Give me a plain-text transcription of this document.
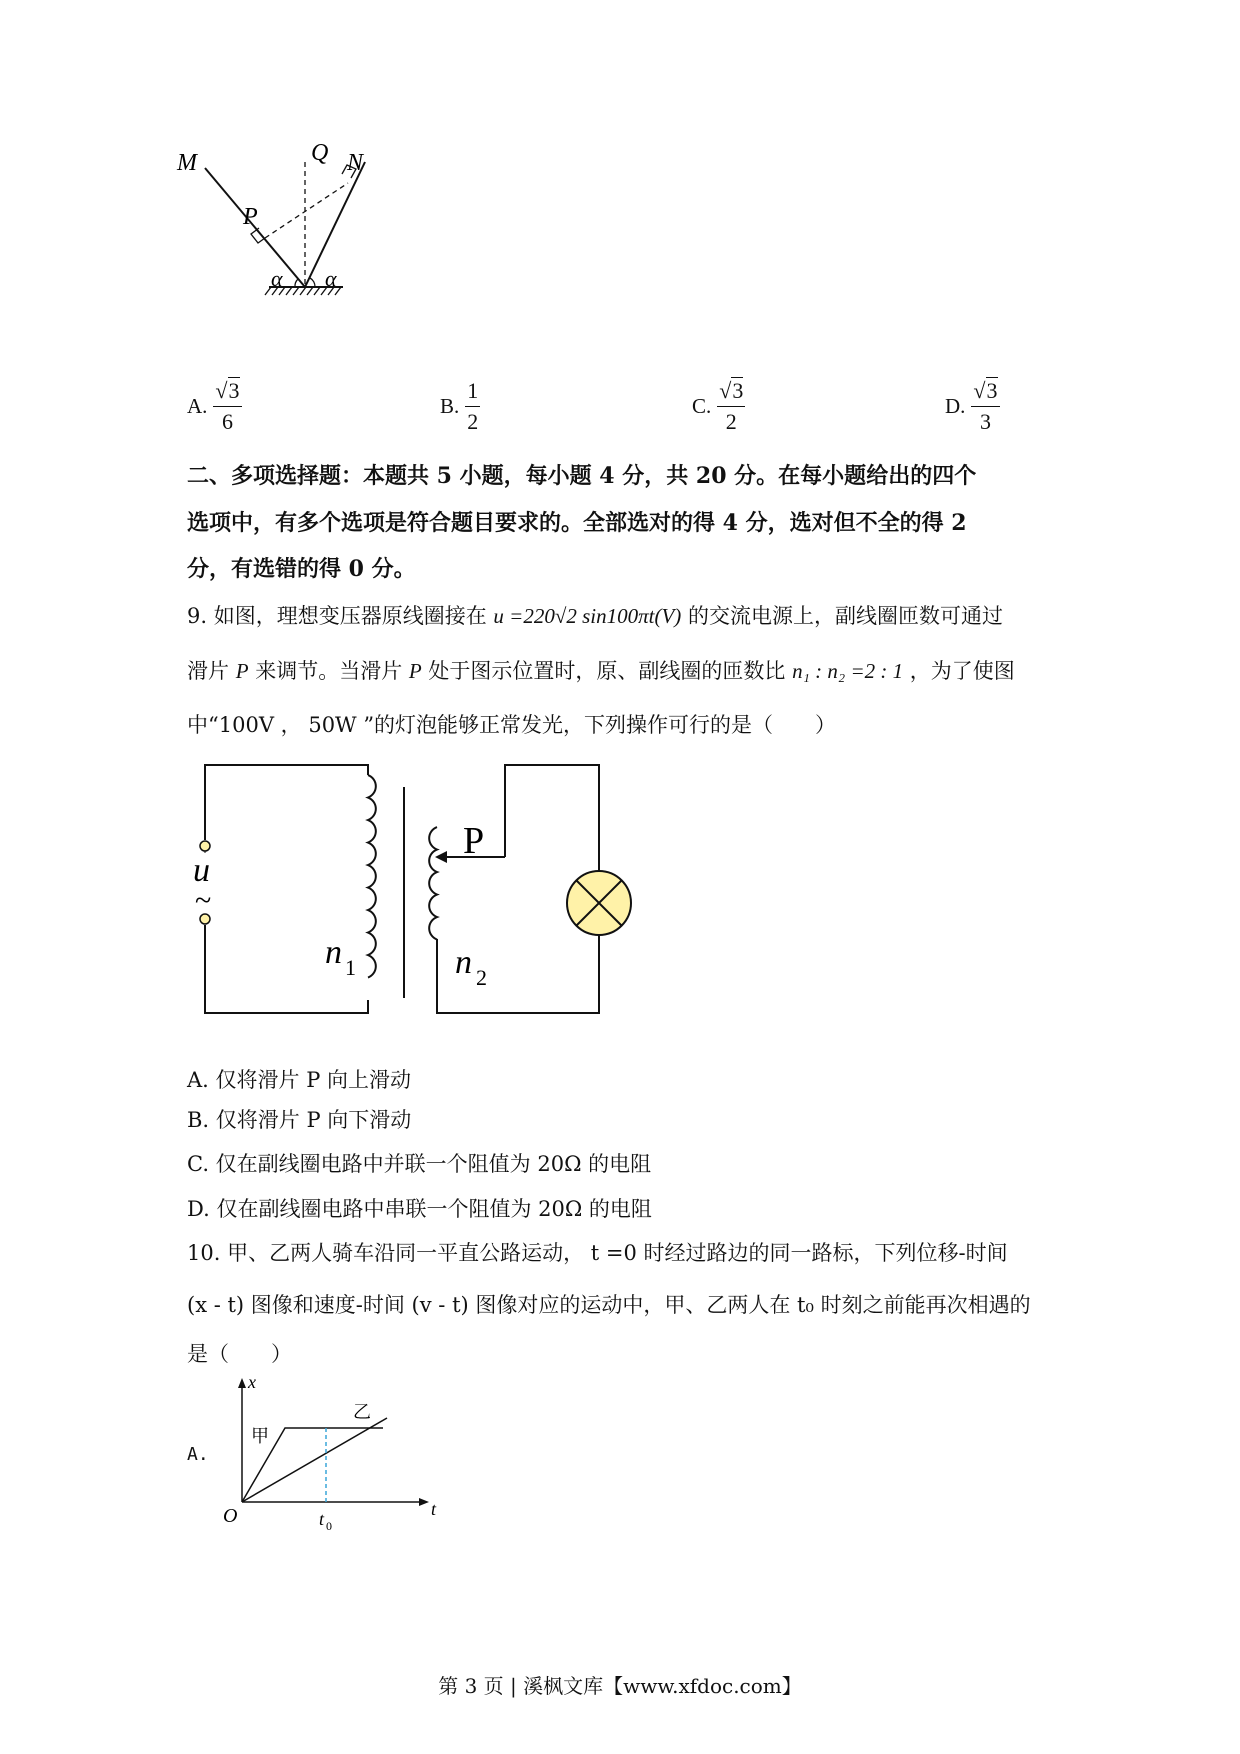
M	N
Q
P
α α
A. $\frac{√3}{6}$	B. $\frac{1}{2}$	C. $\frac{√3}{2}$	D. $\frac{√3}{3}$
二、多项选择题：本题共 5 小题，每小题 4 分，共 20 分。在每小题给出的四个
选项中，有多个选项是符合题目要求的。全部选对的得 4 分，选对但不全的得 2
分，有选错的得 0 分。
9. 如图，理想变压器原线圈接在 u =220√2 sin100πt(V) 的交流电源上，副线圈匝数可通过
滑片 P 来调节。当滑片 P 处于图示位置时，原、副线圈的匝数比 n₁ : n₂ =2 : 1 ，为了使图
中“100V ， 50W ”的灯泡能够正常发光，下列操作可行的是（　　）
u
~
P
n 1	n 2
A. 仅将滑片 P 向上滑动
B. 仅将滑片 P 向下滑动
C. 仅在副线圈电路中并联一个阻值为 20Ω 的电阻
D. 仅在副线圈电路中串联一个阻值为 20Ω 的电阻
10. 甲、乙两人骑车沿同一平直公路运动， t =0 时经过路边的同一路标，下列位移-时间
(x - t) 图像和速度-时间 (v - t) 图像对应的运动中，甲、乙两人在 t₀ 时刻之前能再次相遇的
是（　　）
A.
x
t
O
甲
乙
t 0
第 3 页 | 溪枫文库【www.xfdoc.com】
